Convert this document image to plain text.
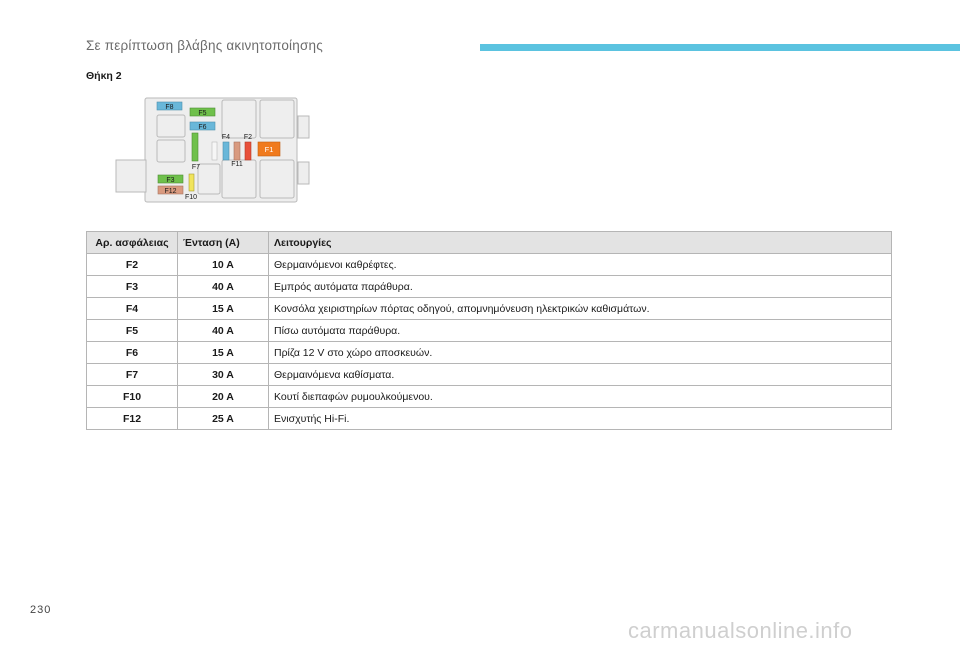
Σε περίπτωση βλάβης ακινητοποίησης
Θήκη 2
F8
F5
F6
F7
F4
F11
F2
F1
F3
F12
F10
Αρ. ασφάλειας	Ένταση (A)	Λειτουργίες
F2	10 A	Θερμαινόμενοι καθρέφτες.
F3	40 A	Εμπρός αυτόματα παράθυρα.
F4	15 A	Κονσόλα χειριστηρίων πόρτας οδηγού, απομνημόνευση ηλεκτρικών καθισμάτων.
F5	40 A	Πίσω αυτόματα παράθυρα.
F6	15 A	Πρίζα 12 V στο χώρο αποσκευών.
F7	30 A	Θερμαινόμενα καθίσματα.
F10	20 A	Κουτί διεπαφών ρυμουλκούμενου.
F12	25 A	Ενισχυτής Hi-Fi.
230
carmanualsonline.info
